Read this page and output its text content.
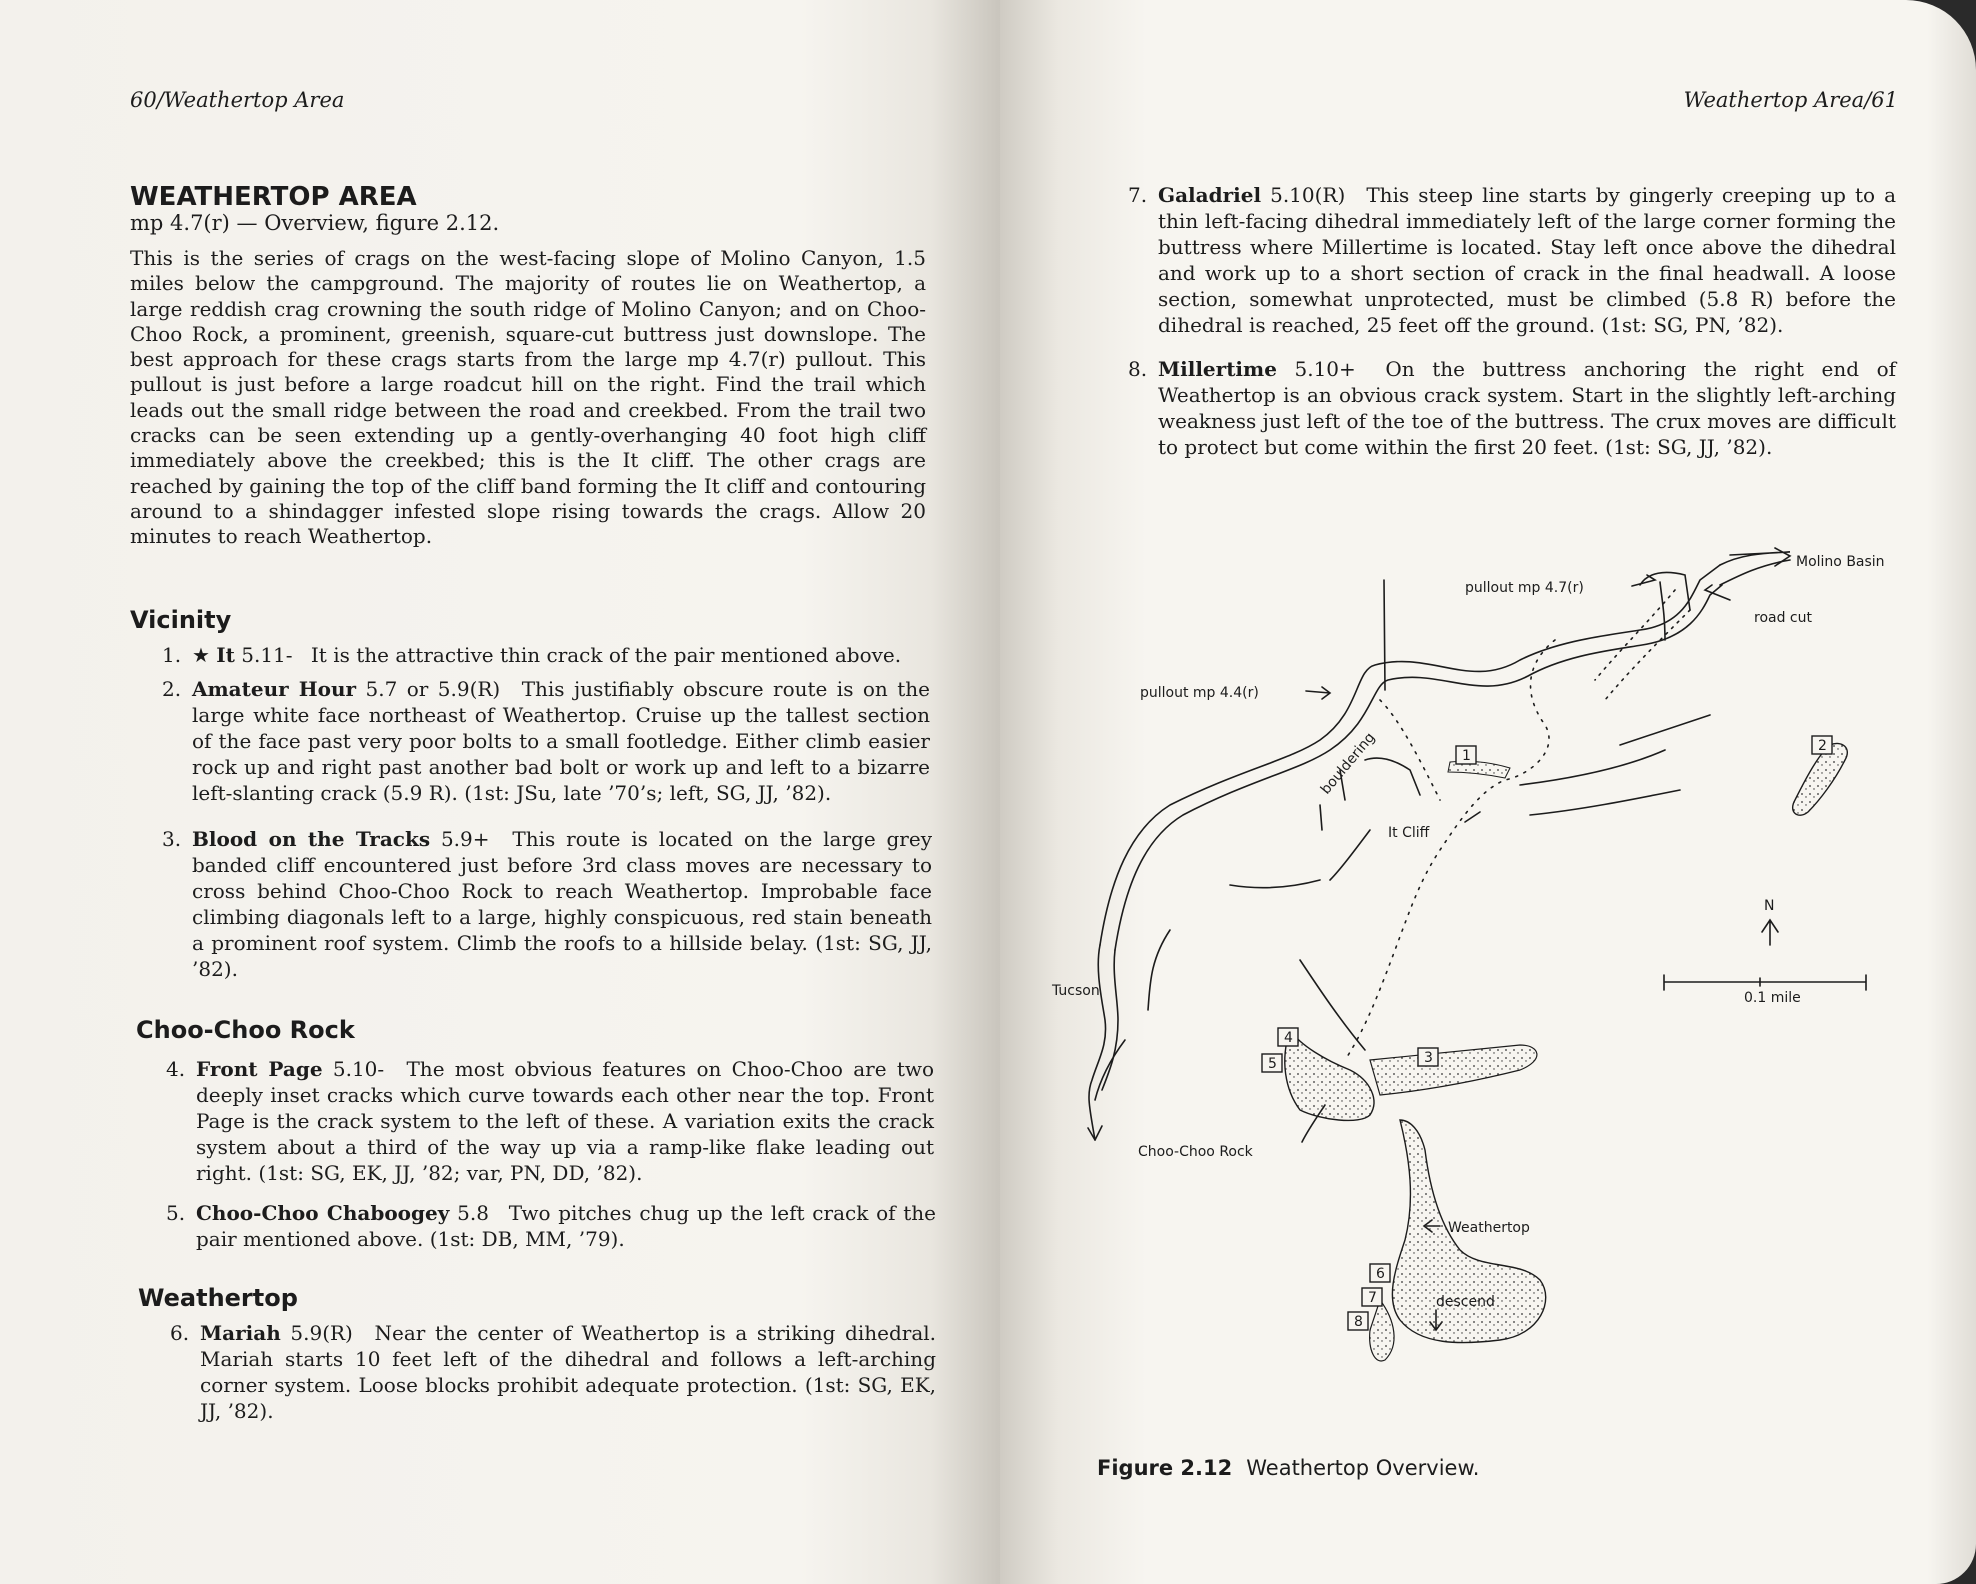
60/Weathertop Area
WEATHERTOP AREA
mp 4.7(r) — Overview, figure 2.12.
This is the series of crags on the west-facing slope of Molino Canyon, 1.5 miles below the campground. The majority of routes lie on Weathertop, a large reddish crag crowning the south ridge of Molino Canyon; and on Choo-Choo Rock, a prominent, greenish, square-cut buttress just downslope. The best approach for these crags starts from the large mp 4.7(r) pullout. This pullout is just before a large roadcut hill on the right. Find the trail which leads out the small ridge between the road and creekbed. From the trail two cracks can be seen extending up a gently-overhanging 40 foot high cliff immediately above the creekbed; this is the It cliff. The other crags are reached by gaining the top of the cliff band forming the It cliff and contouring around to a shindagger infested slope rising towards the crags. Allow 20 minutes to reach Weathertop.
Vicinity
1. ★ It 5.11- It is the attractive thin crack of the pair mentioned above.
2. Amateur Hour 5.7 or 5.9(R) This justifiably obscure route is on the large white face northeast of Weathertop. Cruise up the tallest section of the face past very poor bolts to a small footledge. Either climb easier rock up and right past another bad bolt or work up and left to a bizarre left-slanting crack (5.9 R). (1st: JSu, late ’70’s; left, SG, JJ, ’82).
3. Blood on the Tracks 5.9+ This route is located on the large grey banded cliff encountered just before 3rd class moves are necessary to cross behind Choo-Choo Rock to reach Weathertop. Improbable face climbing diagonals left to a large, highly conspicuous, red stain beneath a prominent roof system. Climb the roofs to a hillside belay. (1st: SG, JJ, ’82).
Choo-Choo Rock
4. Front Page 5.10- The most obvious features on Choo-Choo are two deeply inset cracks which curve towards each other near the top. Front Page is the crack system to the left of these. A variation exits the crack system about a third of the way up via a ramp-like flake leading out right. (1st: SG, EK, JJ, ’82; var, PN, DD, ’82).
5. Choo-Choo Chaboogey 5.8 Two pitches chug up the left crack of the pair mentioned above. (1st: DB, MM, ’79).
Weathertop
6. Mariah 5.9(R) Near the center of Weathertop is a striking dihedral. Mariah starts 10 feet left of the dihedral and follows a left-arching corner system. Loose blocks prohibit adequate protection. (1st: SG, EK, JJ, ’82).
Weathertop Area/61
7. Galadriel 5.10(R) This steep line starts by gingerly creeping up to a thin left-facing dihedral immediately left of the large corner forming the buttress where Millertime is located. Stay left once above the dihedral and work up to a short section of crack in the final headwall. A loose section, somewhat unprotected, must be climbed (5.8 R) before the dihedral is reached, 25 feet off the ground. (1st: SG, PN, ’82).
8. Millertime 5.10+ On the buttress anchoring the right end of Weathertop is an obvious crack system. Start in the slightly left-arching weakness just left of the toe of the buttress. The crux moves are difficult to protect but come within the first 20 feet. (1st: SG, JJ, ’82).
1
2
3
4
5
6
7
8
Molino Basin
pullout mp 4.7(r)
road cut
pullout mp 4.4(r)
bouldering
It Cliff
Tucson
N
0.1 mile
Choo-Choo Rock
Weathertop
descend
Figure 2.12 Weathertop Overview.
